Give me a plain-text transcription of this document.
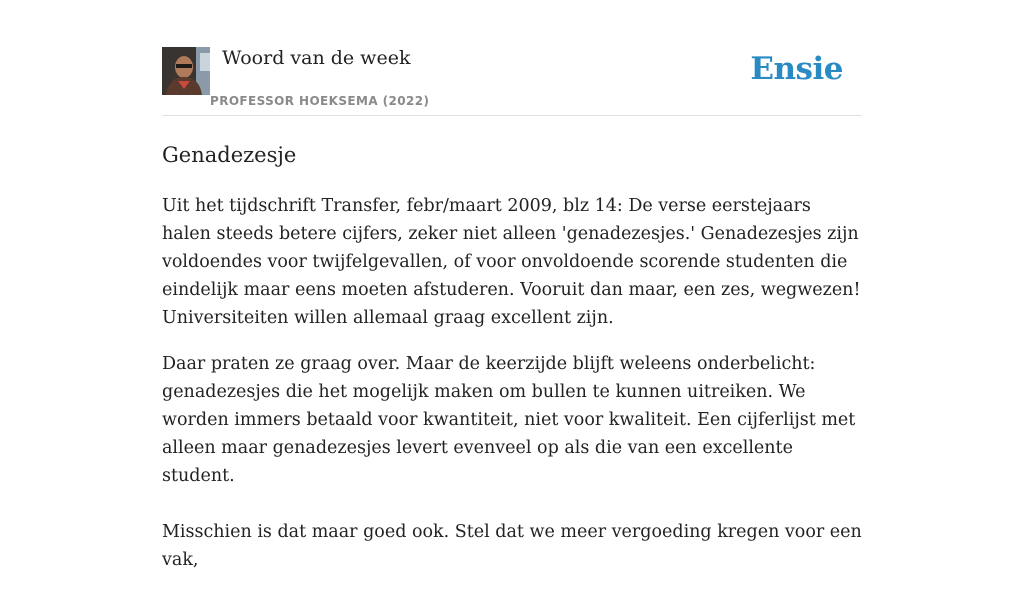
Woord van de week
PROFESSOR HOEKSEMA (2022)
Ensie
Genadezesje

Uit het tijdschrift Transfer, febr/maart 2009, blz 14: De verse eerstejaars halen steeds betere cijfers, zeker niet alleen 'genadezesjes.' Genadezesjes zijn voldoendes voor twijfelgevallen, of voor onvoldoende scorende studenten die eindelijk maar eens moeten afstuderen. Vooruit dan maar, een zes, wegwezen! Universiteiten willen allemaal graag excellent zijn.

Daar praten ze graag over. Maar de keerzijde blijft weleens onderbelicht: genadezesjes die het mogelijk maken om bullen te kunnen uitreiken. We worden immers betaald voor kwantiteit, niet voor kwaliteit. Een cijferlijst met alleen maar genadezesjes levert evenveel op als die van een excellente student.

Misschien is dat maar goed ook. Stel dat we meer vergoeding kregen voor een vak,
